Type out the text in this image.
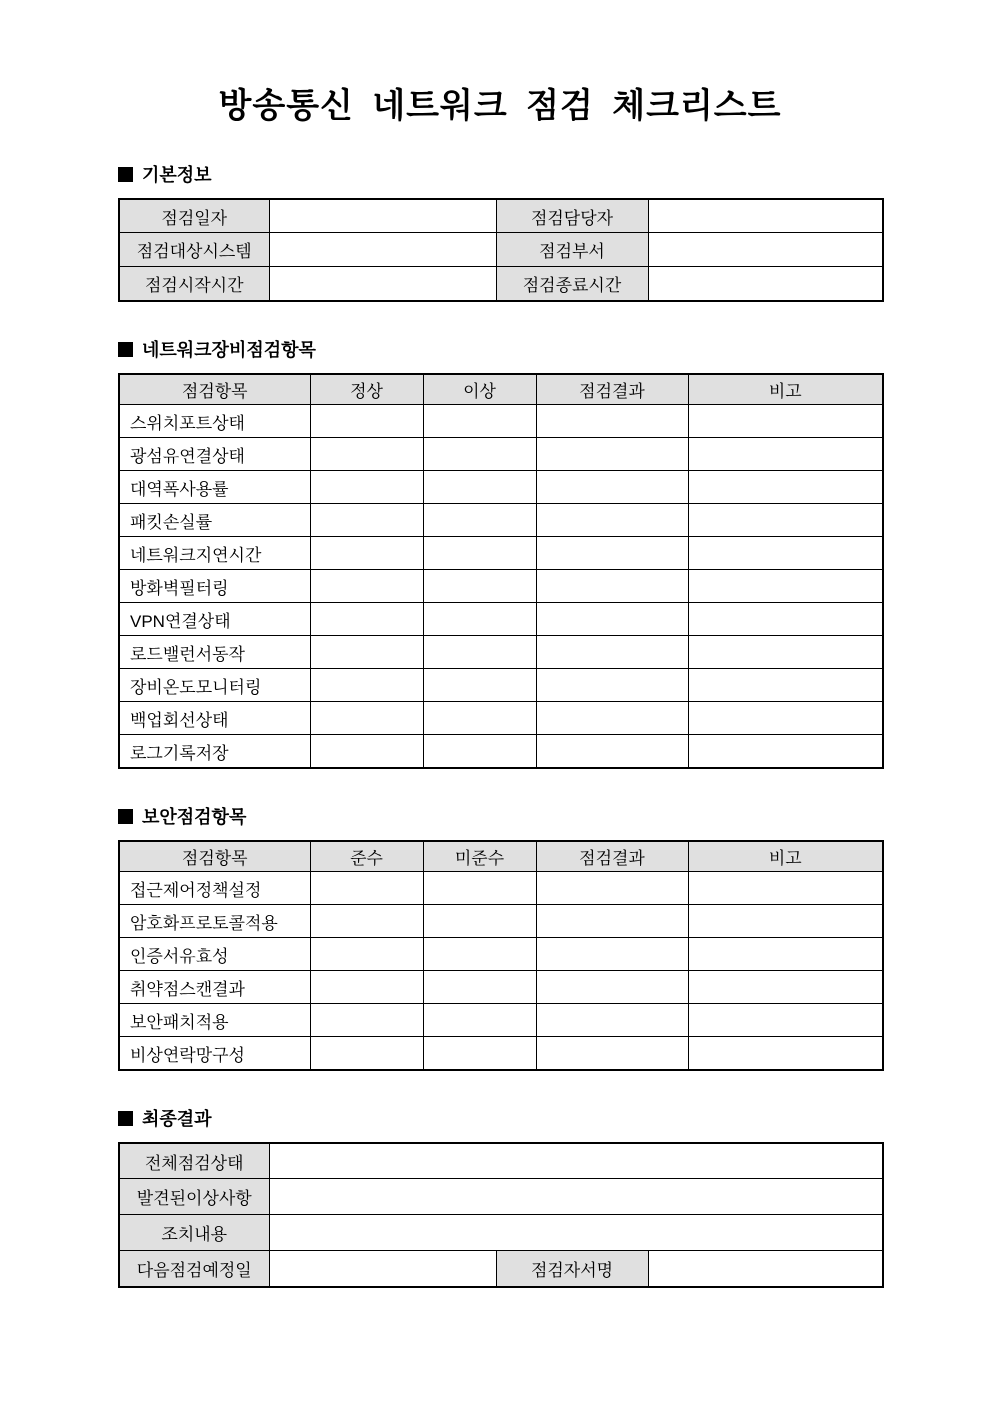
방송통신 네트워크 점검 체크리스트
기본정보
점검일자		점검담당자	
점검대상시스템		점검부서	
점검시작시간		점검종료시간	
네트워크장비점검항목
점검항목	정상	이상	점검결과	비고
스위치포트상태				
광섬유연결상태				
대역폭사용률				
패킷손실률				
네트워크지연시간				
방화벽필터링				
VPN연결상태				
로드밸런서동작				
장비온도모니터링				
백업회선상태				
로그기록저장				
보안점검항목
점검항목	준수	미준수	점검결과	비고
접근제어정책설정				
암호화프로토콜적용				
인증서유효성				
취약점스캔결과				
보안패치적용				
비상연락망구성				
최종결과
전체점검상태			
발견된이상사항			
조치내용			
다음점검예정일		점검자서명	
